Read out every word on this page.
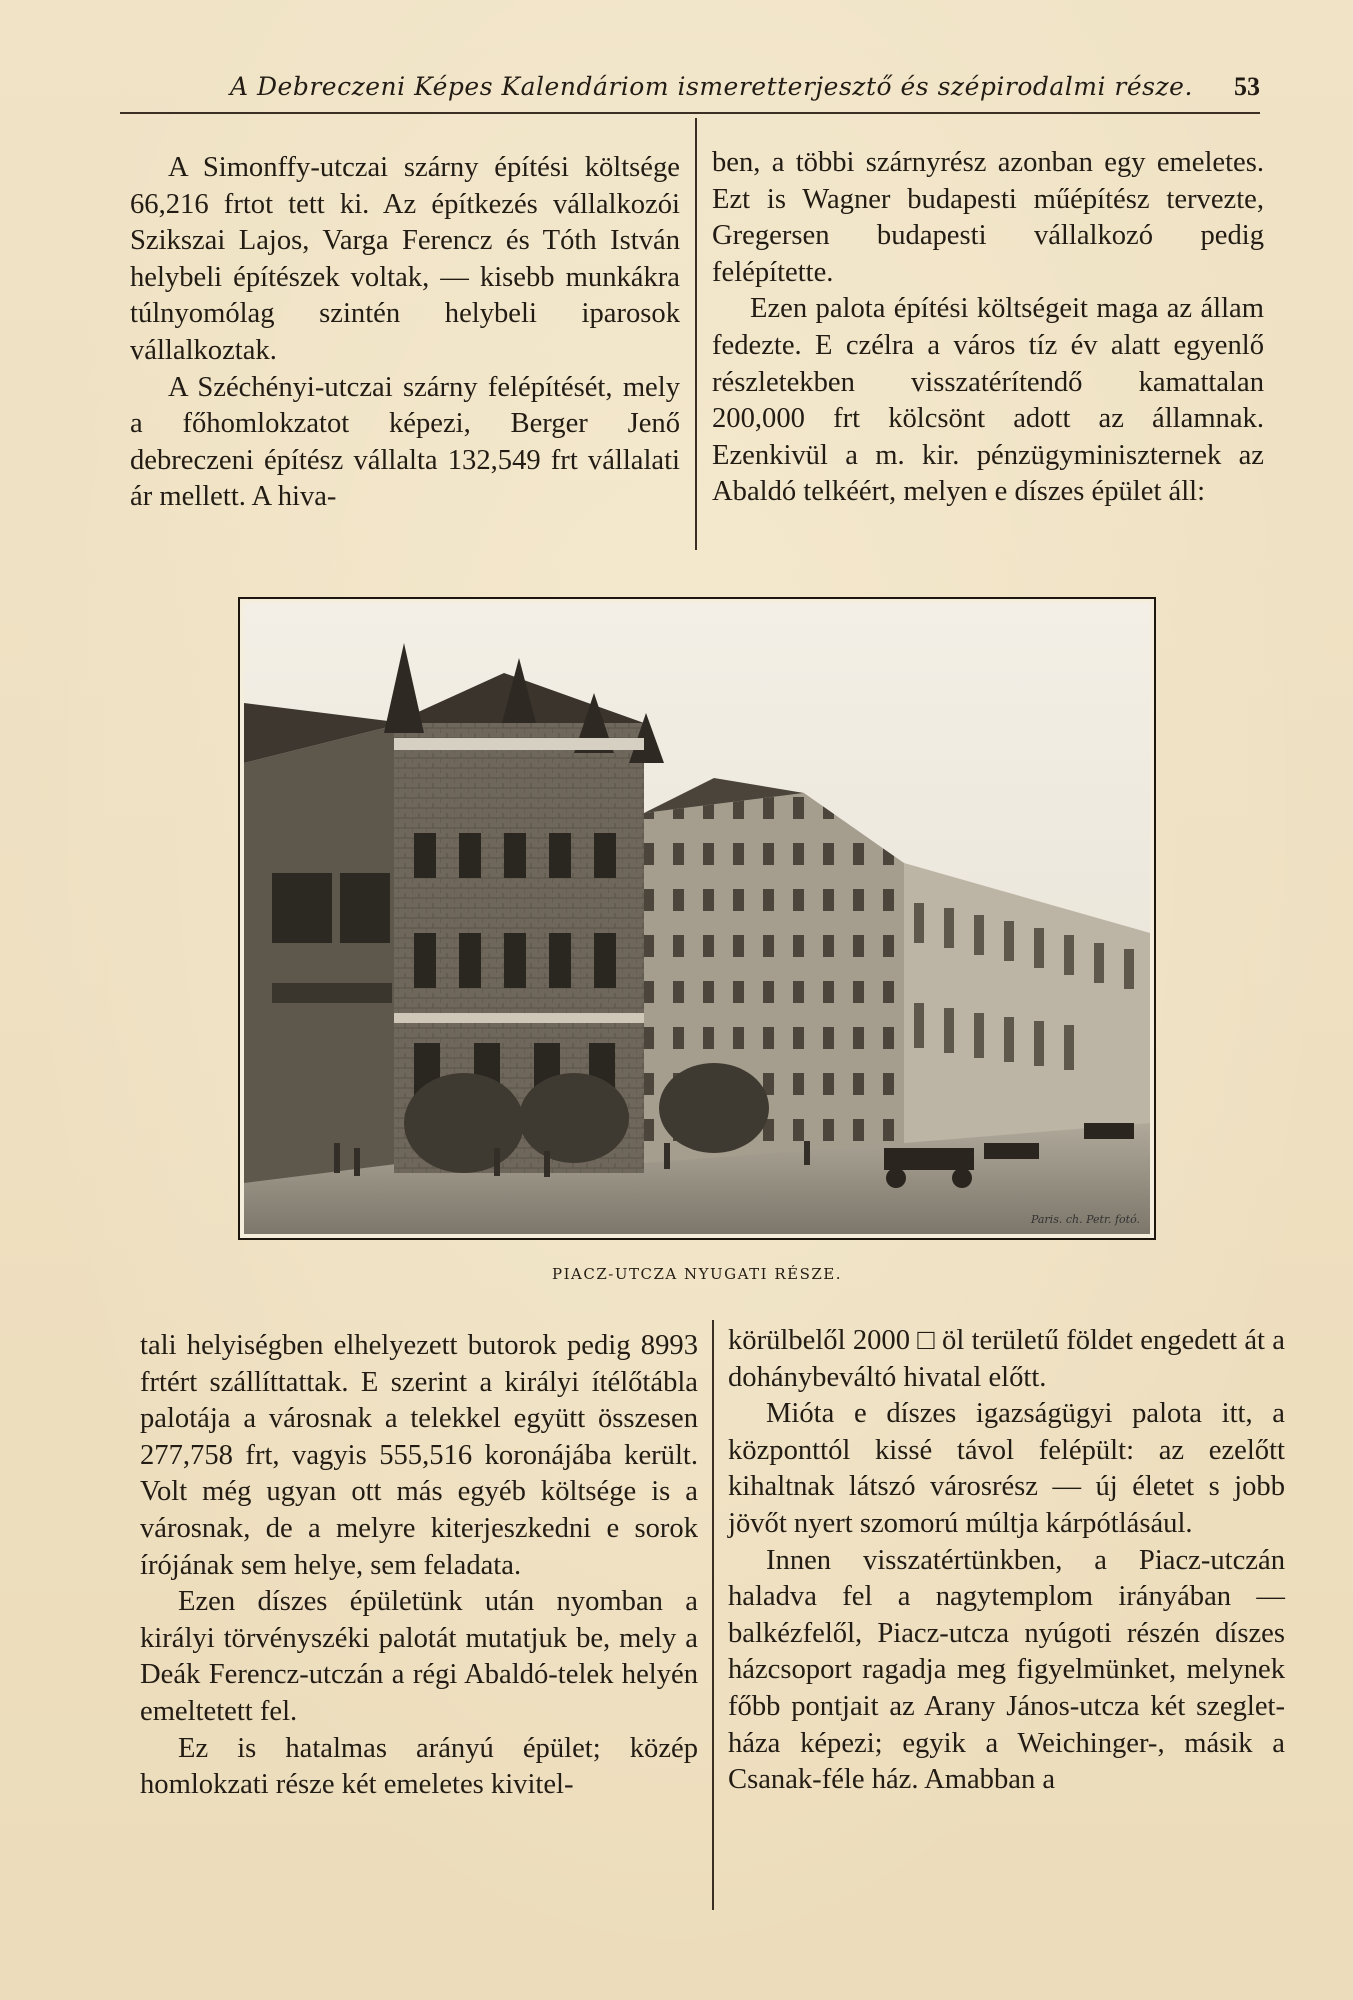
A Debreczeni Képes Kalendáriom ismeretterjesztő és szépirodalmi része. 53

A Simonffy-utczai szárny építési költsége 66,216 frtot tett ki. Az építkezés vállalkozói Szikszai Lajos, Varga Ferencz és Tóth István helybeli építészek voltak, — kisebb munkákra túlnyomólag szintén helybeli iparosok vállalkoztak.

A Széchényi-utczai szárny felépítését, mely a főhomlokzatot képezi, Berger Jenő debreczeni építész vállalta 132,549 frt vállalati ár mellett. A hiva-

ben, a többi szárnyrész azonban egy emeletes. Ezt is Wagner budapesti műépítész tervezte, Gregersen budapesti vállalkozó pedig felépítette.

Ezen palota építési költségeit maga az állam fedezte. E czélra a város tíz év alatt egyenlő részletekben visszatérítendő kamattalan 200,000 frt kölcsönt adott az államnak. Ezenkivül a m. kir. pénzügyminiszternek az Abaldó telkéért, melyen e díszes épület áll:

Paris. ch. Petr. fotó.
PIACZ-UTCZA NYUGATI RÉSZE.

tali helyiségben elhelyezett butorok pedig 8993 frtért szállíttattak. E szerint a királyi ítélőtábla palotája a városnak a telekkel együtt összesen 277,758 frt, vagyis 555,516 koronájába került. Volt még ugyan ott más egyéb költsége is a városnak, de a melyre kiterjeszkedni e sorok írójának sem helye, sem feladata.

Ezen díszes épületünk után nyomban a királyi törvényszéki palotát mutatjuk be, mely a Deák Ferencz-utczán a régi Abaldó-telek helyén emeltetett fel.

Ez is hatalmas arányú épület; közép homlokzati része két emeletes kivitel-

körülbelől 2000 □ öl területű földet engedett át a dohánybeváltó hivatal előtt.

Mióta e díszes igazságügyi palota itt, a központtól kissé távol felépült: az ezelőtt kihaltnak látszó városrész — új életet s jobb jövőt nyert szomorú múltja kárpótlásául.

Innen visszatértünkben, a Piacz-utczán haladva fel a nagytemplom irányában — balkézfelől, Piacz-utcza nyúgoti részén díszes házcsoport ragadja meg figyelmünket, melynek főbb pontjait az Arany János-utcza két szeglet-háza képezi; egyik a Weichinger-, másik a Csanak-féle ház. Amabban a
